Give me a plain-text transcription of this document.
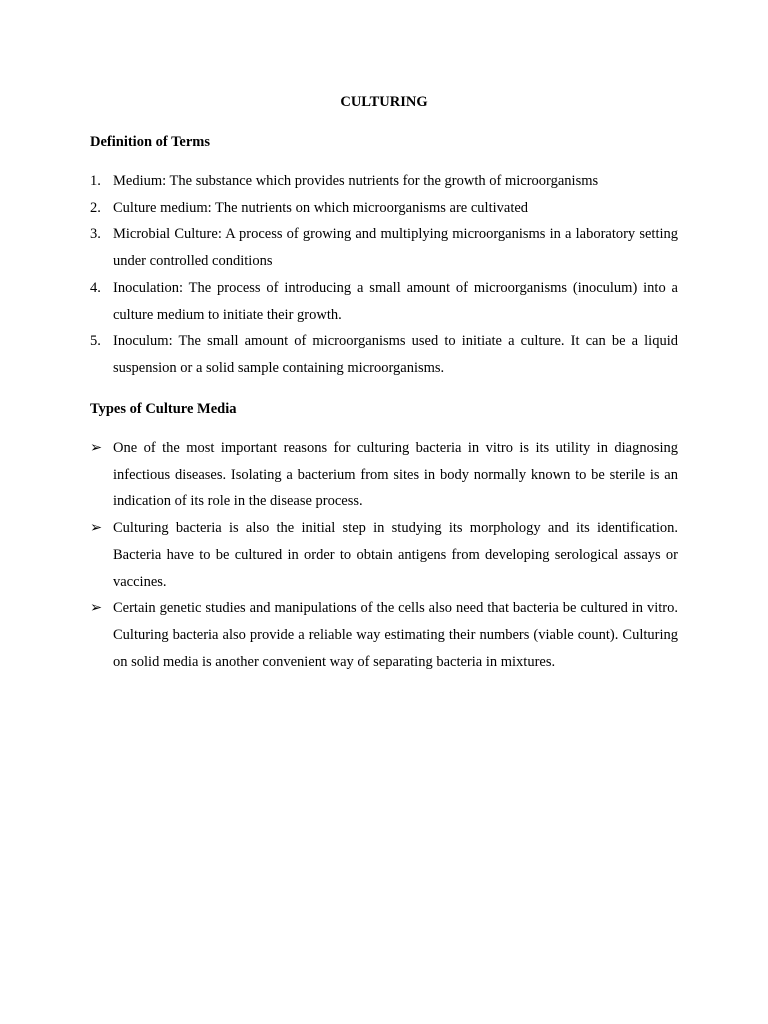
CULTURING
Definition of Terms
1. Medium: The substance which provides nutrients for the growth of microorganisms
2. Culture medium: The nutrients on which microorganisms are cultivated
3. Microbial Culture: A process of growing and multiplying microorganisms in a laboratory setting under controlled conditions
4. Inoculation: The process of introducing a small amount of microorganisms (inoculum) into a culture medium to initiate their growth.
5. Inoculum: The small amount of microorganisms used to initiate a culture. It can be a liquid suspension or a solid sample containing microorganisms.
Types of Culture Media
➢ One of the most important reasons for culturing bacteria in vitro is its utility in diagnosing infectious diseases. Isolating a bacterium from sites in body normally known to be sterile is an indication of its role in the disease process.
➢ Culturing bacteria is also the initial step in studying its morphology and its identification. Bacteria have to be cultured in order to obtain antigens from developing serological assays or vaccines.
➢ Certain genetic studies and manipulations of the cells also need that bacteria be cultured in vitro. Culturing bacteria also provide a reliable way estimating their numbers (viable count). Culturing on solid media is another convenient way of separating bacteria in mixtures.
